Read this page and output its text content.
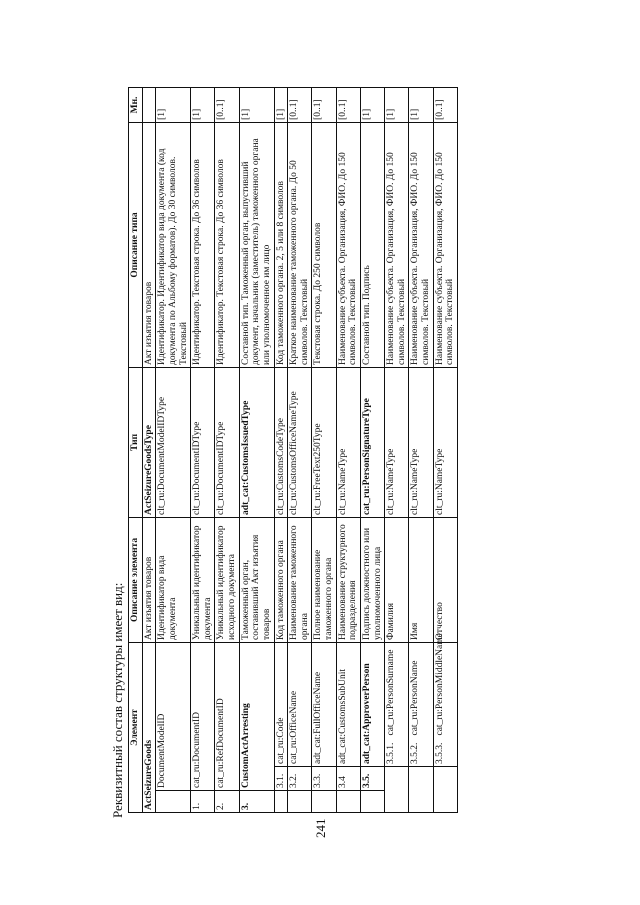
241
Реквизитный состав структуры имеет вид: Элемент			Описание элемента	Тип	Описание типа	Мн.
ActSeizureGoods			Акт изъятия товаров	ActSeizureGoodsType	Акт изъятия товаров	
	DocumentModelID		Идентификатор вида документа	clt_ru:DocumentModelIDType	Идентификатор. Идентификатор вида документа (код документа по Альбому форматов). До 30 символов. Текстовый	[1]
1.	cat_ru:DocumentID		Уникальный идентификатор документа	clt_ru:DocumentIDType	Идентификатор. Текстовая строка. До 36 символов	[1]
2.	cat_ru:RefDocumentID		Уникальный идентификатор исходного документа	clt_ru:DocumentIDType	Идентификатор. Текстовая строка. До 36 символов	[0..1]
3.	CustomActArresting		Таможенный орган, составивший Акт изъятия товаров	adt_cat:CustomsIssuedType	Составной тип. Таможенный орган, выпустивший документ, начальник (заместитель) таможенного органа или уполномоченное им лицо	[1]
	3.1.	cat_ru:Code	Код таможенного органа	clt_ru:CustomsCodeType	Код таможенного органа. 2, 5 или 8 символов	[1]
	3.2.	cat_ru:OfficeName	Наименование таможенного органа	clt_ru:CustomsOfficeNameType	Краткое наименование таможенного органа. До 50 символов. Текстовый	[0..1]
	3.3.	adt_cat:FullOfficeName	Полное наименование таможенного органа	clt_ru:FreeText250Type	Текстовая строка. До 250 символов	[0..1]
	3.4	adt_cat:CustomsSubUnit	Наименование структурного подразделения	clt_ru:NameType	Наименование субъекта. Организация, ФИО. До 150 символов. Текстовый	[0..1]
	3.5.	adt_cat:ApproverPerson	Подпись должностного или уполномоченного лица	cat_ru:PersonSignatureType	Составной тип. Подпись	[1]
		3.5.1.   cat_ru:PersonSurname	Фамилия	clt_ru:NameType	Наименование субъекта. Организация, ФИО. До 150 символов. Текстовый	[1]
		3.5.2.   cat_ru:PersonName	Имя	clt_ru:NameType	Наименование субъекта. Организация, ФИО. До 150 символов. Текстовый	[1]
		3.5.3.   cat_ru:PersonMiddleName	Отчество	clt_ru:NameType	Наименование субъекта. Организация, ФИО. До 150 символов. Текстовый	[0..1]
